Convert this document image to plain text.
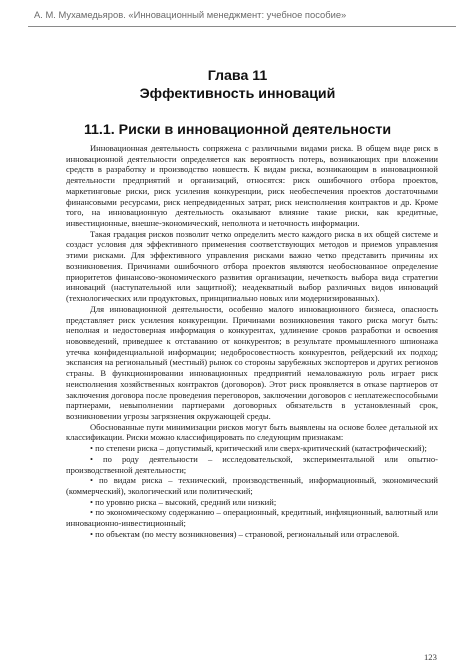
А. М. Мухамедьяров. «Инновационный менеджмент: учебное пособие»
Глава 11
Эффективность инноваций
11.1. Риски в инновационной деятельности

Инновационная деятельность сопряжена с различными видами риска. В общем виде риск в инновационной деятельности определяется как вероятность потерь, возникающих при вложении средств в разработку и производство новшеств. К видам риска, возникающим в инновационной деятельности предприятий и организаций, относятся: риск ошибочного отбора проектов, маркетинговые риски, риск усиления конкуренции, риск необеспечения проектов достаточными финансовыми ресурсами, риск непредвиденных затрат, риск неисполнения контрактов и др. Кроме того, на инновационную деятельность оказывают влияние такие риски, как кредитные, инвестиционные, внешне-экономический, неполнота и неточность информации.

Такая градация рисков позволит четко определить место каждого риска в их общей системе и создаст условия для эффективного применения соответствующих методов и приемов управления этими рисками. Для эффективного управления рисками важно четко представить причины их возникновения. Причинами ошибочного отбора проектов являются необоснованное определение приоритетов финансово-экономического развития организации, нечеткость выбора вида стратегии инноваций (наступательной или защитной); неадекватный выбор различных видов инноваций (технологических или продуктовых, принципиально новых или модернизированных).

Для инновационной деятельности, особенно малого инновационного бизнеса, опасность представляет риск усиления конкуренции. Причинами возникновения такого риска могут быть: неполная и недостоверная информация о конкурентах, удлинение сроков разработки и освоения нововведений, приведшее к отставанию от конкурентов; в результате промышленного шпионажа утечка конфиденциальной информации; недобросовестность конкурентов, рейдерский их подход; экспансия на региональный (местный) рынок со стороны зарубежных экспортеров и других регионов страны. В функционировании инновационных предприятий немаловажную роль играет риск неисполнения хозяйственных контрактов (договоров). Этот риск проявляется в отказе партнеров от заключения договора после проведения переговоров, заключении договоров с неплатежеспособными партнерами, невыполнении партнерами договорных обязательств в установленный срок, возникновении угрозы загрязнения окружающей среды.

Обоснованные пути минимизации рисков могут быть выявлены на основе более детальной их классификации. Риски можно классифицировать по следующим признакам:

• по степени риска – допустимый, критический или сверх-критический (катастрофический);

• по роду деятельности – исследовательской, экспериментальной или опытно-производственной деятельности;

• по видам риска – технический, производственный, информационный, экономический (коммерческий), экологический или политический;

• по уровню риска – высокий, средний или низкий;

• по экономическому содержанию – операционный, кредитный, инфляционный, валютный или инновационно-инвестиционный;

• по объектам (по месту возникновения) – страновой, региональный или отраслевой.

123
